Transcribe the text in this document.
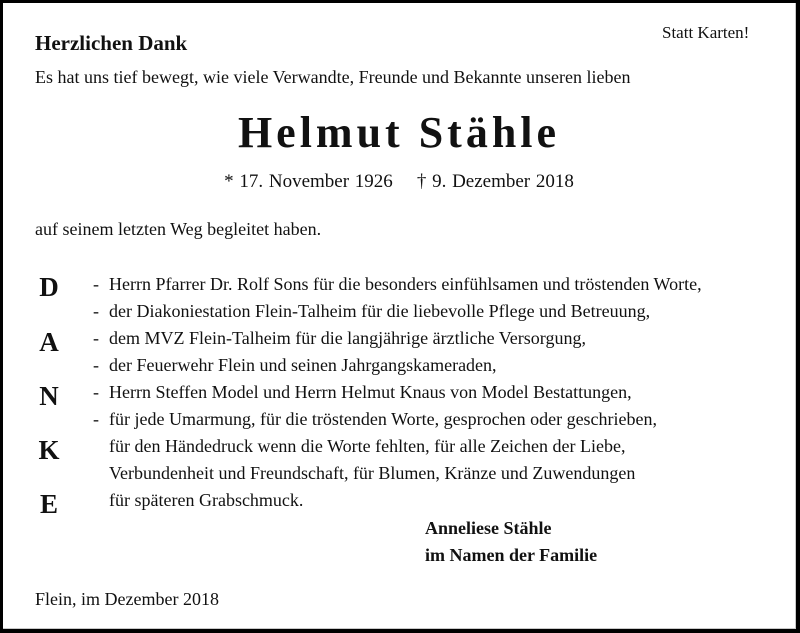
Herzlichen Dank	Statt Karten!
Es hat uns tief bewegt, wie viele Verwandte, Freunde und Bekannte unseren lieben
Helmut Stähle
* 17. November 1926 † 9. Dezember 2018
auf seinem letzten Weg begleitet haben.
D
A
N
K
E
- Herrn Pfarrer Dr. Rolf Sons für die besonders einfühlsamen und tröstenden Worte,
- der Diakoniestation Flein-Talheim für die liebevolle Pflege und Betreuung,
- dem MVZ Flein-Talheim für die langjährige ärztliche Versorgung,
- der Feuerwehr Flein und seinen Jahrgangskameraden,
- Herrn Steffen Model und Herrn Helmut Knaus von Model Bestattungen,
- für jede Umarmung, für die tröstenden Worte, gesprochen oder geschrieben,
für den Händedruck wenn die Worte fehlten, für alle Zeichen der Liebe,
Verbundenheit und Freundschaft, für Blumen, Kränze und Zuwendungen
für späteren Grabschmuck.
Anneliese Stähle
im Namen der Familie
Flein, im Dezember 2018
